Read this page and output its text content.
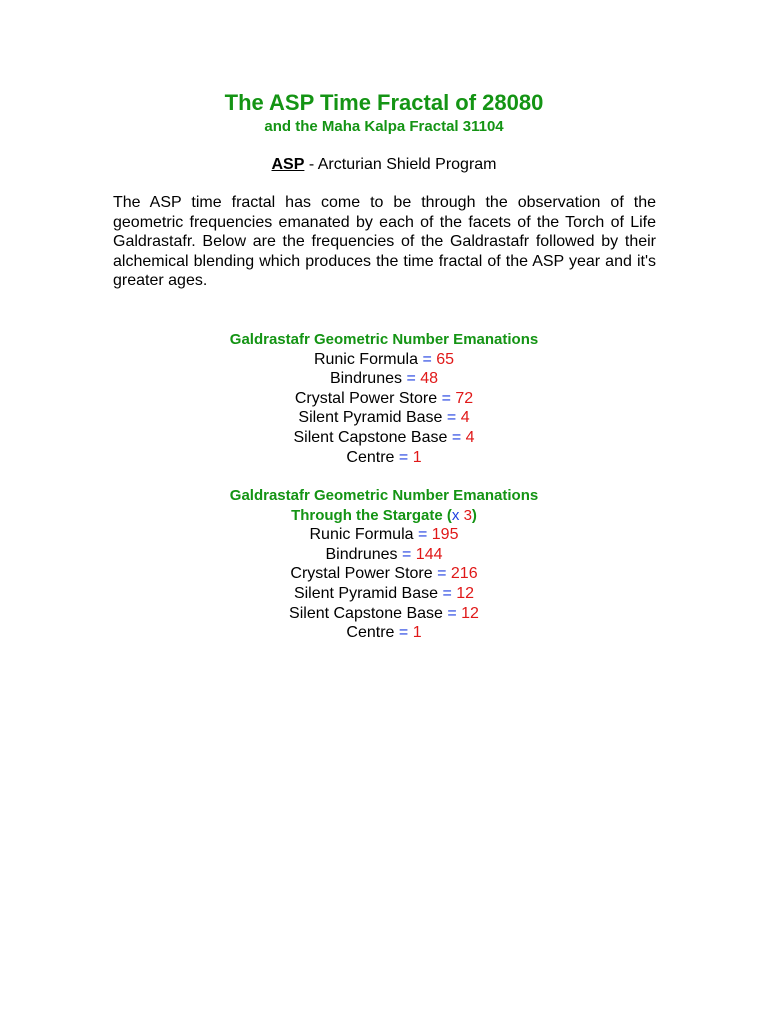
The ASP Time Fractal of 28080
and the Maha Kalpa Fractal 31104
ASP - Arcturian Shield Program

The ASP time fractal has come to be through the observation of the geometric frequencies emanated by each of the facets of the Torch of Life Galdrastafr. Below are the frequencies of the Galdrastafr followed by their alchemical blending which produces the time fractal of the ASP year and it's greater ages.

Galdrastafr Geometric Number Emanations
Runic Formula = 65
Bindrunes = 48
Crystal Power Store = 72
Silent Pyramid Base = 4
Silent Capstone Base = 4
Centre = 1
Galdrastafr Geometric Number Emanations
Through the Stargate (x 3)
Runic Formula = 195
Bindrunes = 144
Crystal Power Store = 216
Silent Pyramid Base = 12
Silent Capstone Base = 12
Centre = 1
